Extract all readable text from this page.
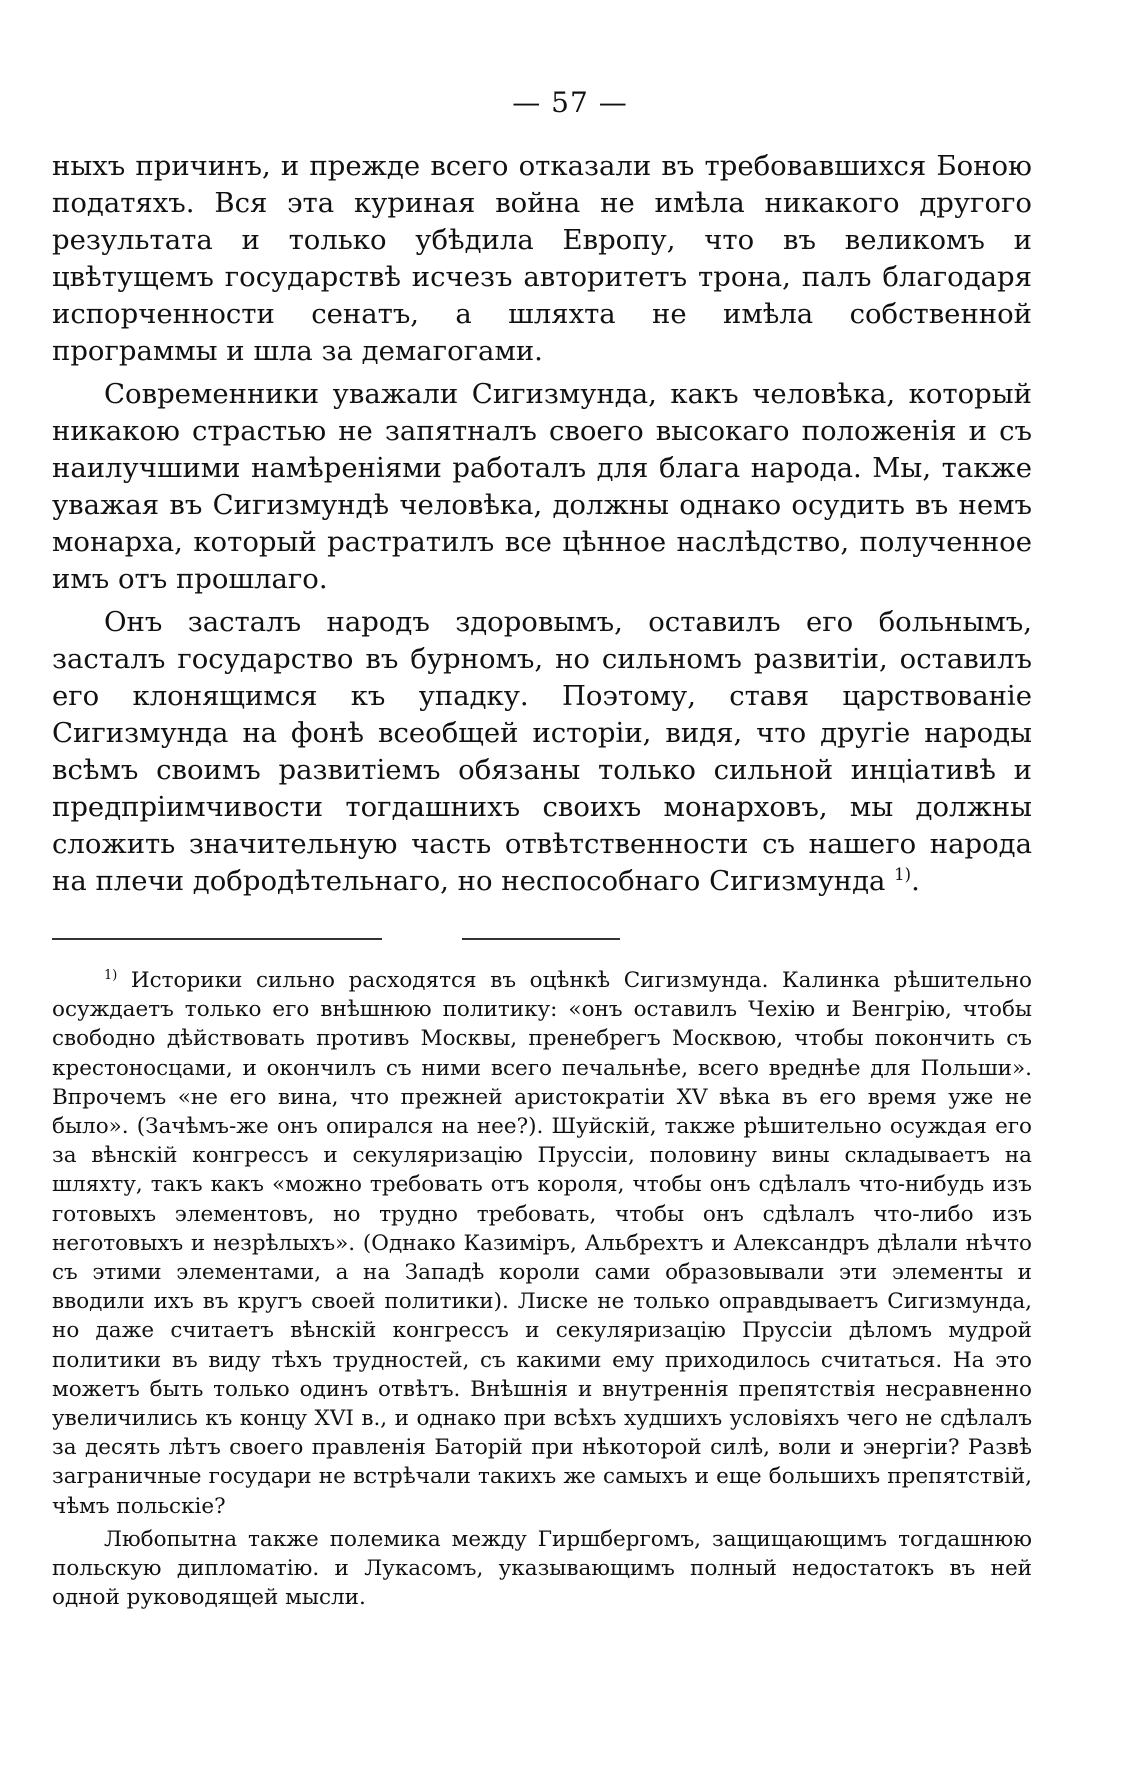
— 57 —

ныхъ причинъ, и прежде всего отказали въ требовавшихся Боною податяхъ. Вся эта куриная война не имѣла никакого другого результата и только убѣдила Европу, что въ великомъ и цвѣтущемъ государствѣ исчезъ авторитетъ трона, палъ благодаря испорченности сенатъ, а шляхта не имѣла собственной программы и шла за демагогами.

Современники уважали Сигизмунда, какъ человѣка, который никакою страстью не запятналъ своего высокаго положенія и съ наилучшими намѣреніями работалъ для блага народа. Мы, также уважая въ Сигизмундѣ человѣка, должны однако осудить въ немъ монарха, который растратилъ все цѣнное наслѣдство, полученное имъ отъ прошлаго.

Онъ засталъ народъ здоровымъ, оставилъ его больнымъ, засталъ государство въ бурномъ, но сильномъ развитіи, оставилъ его клонящимся къ упадку. Поэтому, ставя царствованіе Сигизмунда на фонѣ всеобщей исторіи, видя, что другіе народы всѣмъ своимъ развитіемъ обязаны только сильной инціативѣ и предпріимчивости тогдашнихъ своихъ монарховъ, мы должны сложить значительную часть отвѣтственности съ нашего народа на плечи добродѣтельнаго, но неспособнаго Сигизмунда $^{1)}$.

$^{1)}$ Историки сильно расходятся въ оцѣнкѣ Сигизмунда. Калинка рѣшительно осуждаетъ только его внѣшнюю политику: «онъ оставилъ Чехію и Венгрію, чтобы свободно дѣйствовать противъ Москвы, пренебрегъ Москвою, чтобы покончить съ крестоносцами, и окончилъ съ ними всего печальнѣе, всего вреднѣе для Польши». Впрочемъ «не его вина, что прежней аристократіи XV вѣка въ его время уже не было». (Зачѣмъ-же онъ опирался на нее?). Шуйскій, также рѣшительно осуждая его за вѣнскій конгрессъ и секуляризацію Пруссіи, половину вины складываетъ на шляхту, такъ какъ «можно требовать отъ короля, чтобы онъ сдѣлалъ что-нибудь изъ готовыхъ элементовъ, но трудно требовать, чтобы онъ сдѣлалъ что-либо изъ неготовыхъ и незрѣлыхъ». (Однако Казиміръ, Альбрехтъ и Александръ дѣлали нѣчто съ этими элементами, а на Западѣ короли сами образовывали эти элементы и вводили ихъ въ кругъ своей политики). Лиске не только оправдываетъ Сигизмунда, но даже считаетъ вѣнскій конгрессъ и секуляризацію Пруссіи дѣломъ мудрой политики въ виду тѣхъ трудностей, съ какими ему приходилось считаться. На это можетъ быть только одинъ отвѣтъ. Внѣшнія и внутреннія препятствія несравненно увеличились къ концу XVI в., и однако при всѣхъ худшихъ условіяхъ чего не сдѣлалъ за десять лѣтъ своего правленія Баторій при нѣкоторой силѣ, воли и энергіи? Развѣ заграничные государи не встрѣчали такихъ же самыхъ и еще большихъ препятствій, чѣмъ польскіе?

Любопытна также полемика между Гиршбергомъ, защищающимъ тогдашнюю польскую дипломатію. и Лукасомъ, указывающимъ полный недостатокъ въ ней одной руководящей мысли.
